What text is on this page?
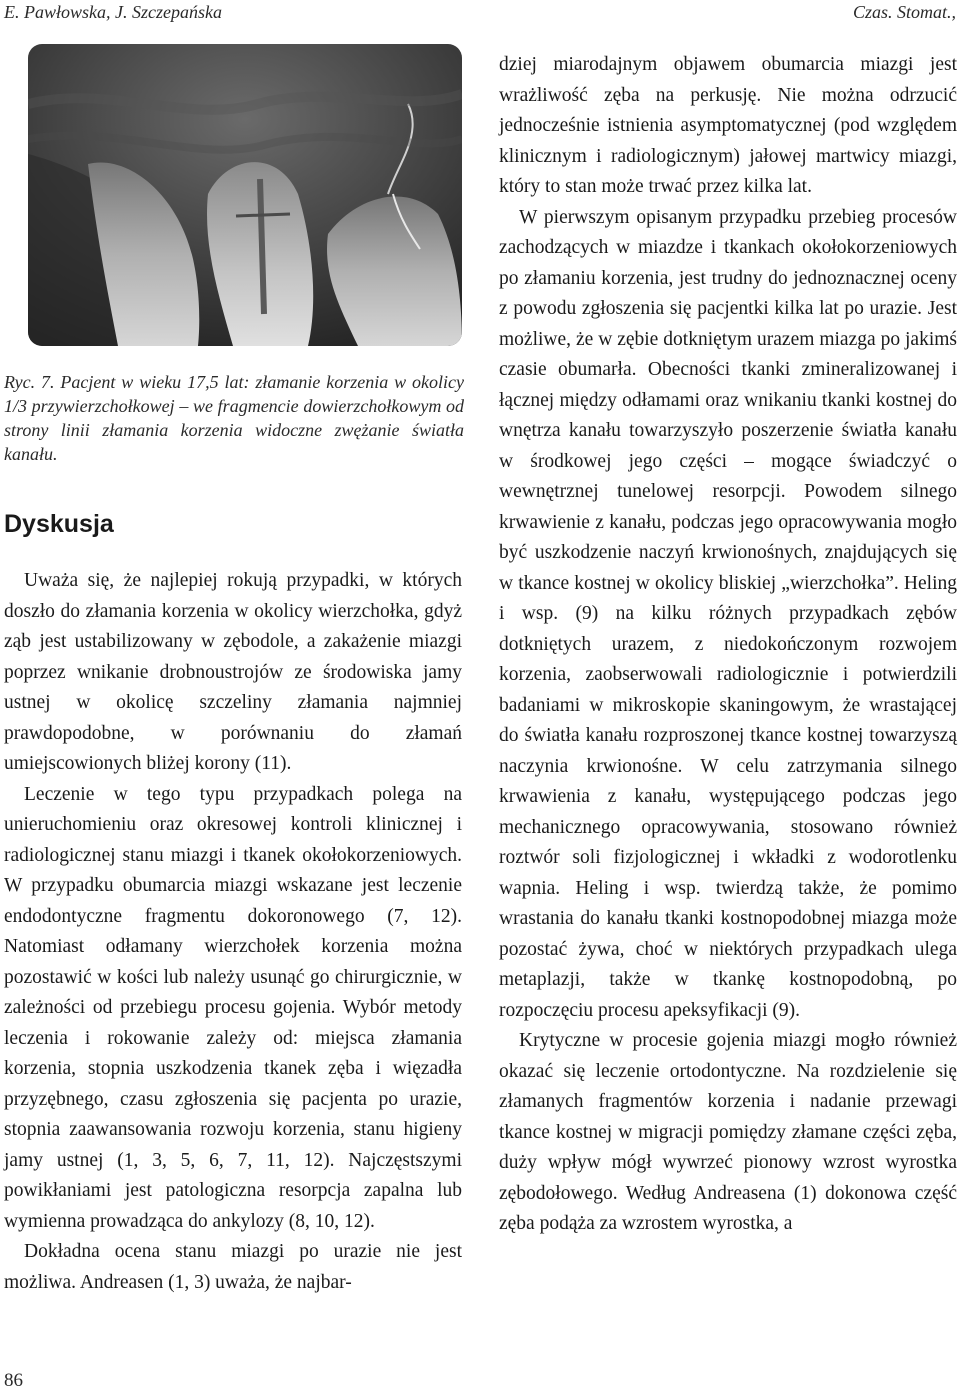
E. Pawłowska, J. Szczepańska	Czas. Stomat.,
Ryc. 7. Pacjent w wieku 17,5 lat: złamanie korzenia w okolicy 1/3 przywierzchołkowej – we fragmencie dowierzchołkowym od strony linii złamania korzenia widoczne zwężanie światła kanału.
Dyskusja

Uważa się, że najlepiej rokują przypadki, w których doszło do złamania korzenia w okolicy wierzchołka, gdyż ząb jest ustabilizowany w zębodole, a zakażenie miazgi poprzez wnikanie drobnoustrojów ze środowiska jamy ustnej w okolicę szczeliny złamania najmniej prawdopodobne, w porównaniu do złamań umiejscowionych bliżej korony (11).

Leczenie w tego typu przypadkach polega na unieruchomieniu oraz okresowej kontroli klinicznej i radiologicznej stanu miazgi i tkanek okołokorzeniowych. W przypadku obumarcia miazgi wskazane jest leczenie endodontyczne fragmentu dokoronowego (7, 12). Natomiast odłamany wierzchołek korzenia można pozostawić w kości lub należy usunąć go chirurgicznie, w zależności od przebiegu procesu gojenia. Wybór metody leczenia i rokowanie zależy od: miejsca złamania korzenia, stopnia uszkodzenia tkanek zęba i więzadła przyzębnego, czasu zgłoszenia się pacjenta po urazie, stopnia zaawansowania rozwoju korzenia, stanu higieny jamy ustnej (1, 3, 5, 6, 7, 11, 12). Najczęstszymi powikłaniami jest patologiczna resorpcja zapalna lub wymienna prowadząca do ankylozy (8, 10, 12).

Dokładna ocena stanu miazgi po urazie nie jest możliwa. Andreasen (1, 3) uważa, że najbar-

dziej miarodajnym objawem obumarcia miazgi jest wrażliwość zęba na perkusję. Nie można odrzucić jednocześnie istnienia asymptomatycznej (pod względem klinicznym i radiologicznym) jałowej martwicy miazgi, który to stan może trwać przez kilka lat.

W pierwszym opisanym przypadku przebieg procesów zachodzących w miazdze i tkankach okołokorzeniowych po złamaniu korzenia, jest trudny do jednoznacznej oceny z powodu zgłoszenia się pacjentki kilka lat po urazie. Jest możliwe, że w zębie dotkniętym urazem miazga po jakimś czasie obumarła. Obecności tkanki zmineralizowanej i łącznej między odłamami oraz wnikaniu tkanki kostnej do wnętrza kanału towarzyszyło poszerzenie światła kanału w środkowej jego części – mogące świadczyć o wewnętrznej tunelowej resorpcji. Powodem silnego krwawienie z kanału, podczas jego opracowywania mogło być uszkodzenie naczyń krwionośnych, znajdujących się w tkance kostnej w okolicy bliskiej „wierzchołka”. Heling i wsp. (9) na kilku różnych przypadkach zębów dotkniętych urazem, z niedokończonym rozwojem korzenia, zaobserwowali radiologicznie i potwierdzili badaniami w mikroskopie skaningowym, że wrastającej do światła kanału rozproszonej tkance kostnej towarzyszą naczynia krwionośne. W celu zatrzymania silnego krwawienia z kanału, występującego podczas jego mechanicznego opracowywania, stosowano również roztwór soli fizjologicznej i wkładki z wodorotlenku wapnia. Heling i wsp. twierdzą także, że pomimo wrastania do kanału tkanki kostnopodobnej miazga może pozostać żywa, choć w niektórych przypadkach ulega metaplazji, także w tkankę kostnopodobną, po rozpoczęciu procesu apeksyfikacji (9).

Krytyczne w procesie gojenia miazgi mogło również okazać się leczenie ortodontyczne. Na rozdzielenie się złamanych fragmentów korzenia i nadanie przewagi tkance kostnej w migracji pomiędzy złamane części zęba, duży wpływ mógł wywrzeć pionowy wzrost wyrostka zębodołowego. Według Andreasena (1) dokonowa część zęba podąża za wzrostem wyrostka, a

86
